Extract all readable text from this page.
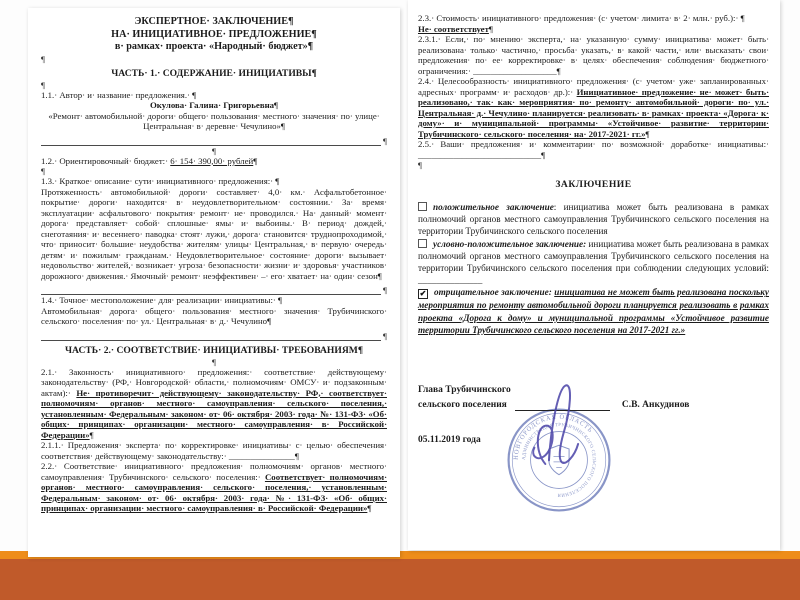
ЭКСПЕРТНОЕ· ЗАКЛЮЧЕНИЕ¶
НА· ИНИЦИАТИВНОЕ· ПРЕДЛОЖЕНИЕ¶
в· рамках· проекта· «Народный· бюджет»¶
¶
ЧАСТЬ· 1.· СОДЕРЖАНИЕ· ИНИЦИАТИВЫ¶
¶
1.1.· Автор· и· название· предложения.· ¶
Окулова· Галина· Григорьевна¶
«Ремонт· автомобильной· дороги· общего· пользования· местного· значения· по· улице· Центральная· в· деревне· Чечулино»¶
¶
¶
1.2.· Ориентировочный· бюджет:· 6· 154· 390,00· рублей¶
¶
1.3.· Краткое· описание· сути· инициативного· предложения:· ¶
Протяженность· автомобильной· дороги· составляет· 4,0· км.· Асфальтобетонное· покрытие· дороги· находится· в· неудовлетворительном· состоянии.· За· время· эксплуатации· асфальтового· покрытия· ремонт· не· проводился.· На· данный· момент· дорога· представляет· собой· сплошные· ямы· и· выбоины.· В· период· дождей,· снеготаяния· и· весеннего· паводка· стоят· лужи,· дорога· становится· труднопроходимой,· что· приносит· большие· неудобства· жителям· улицы· Центральная,· в· первую· очередь· детям· и· пожилым· гражданам.· Неудовлетворительное· состояние· дороги· вызывает· недовольство· жителей,· возникает· угроза· безопасности· жизни· и· здоровья· участников· дорожного· движения.· Ямочный· ремонт· неэффективен· –· его· хватает· на· один· сезон¶
¶
1.4.· Точное· местоположение· для· реализации· инициативы:· ¶
Автомобильная· дорога· общего· пользования· местного· значения· Трубичинского· сельского· поселения· по· ул.· Центральная· в· д.· Чечулино¶
¶
ЧАСТЬ· 2.· СООТВЕТСТВИЕ· ИНИЦИАТИВЫ· ТРЕБОВАНИЯМ¶
¶
2.1.· Законность· инициативного· предложения:· соответствие· действующему· законодательству· (РФ,· Новгородской· области,· полномочиям· ОМСУ· и· подзаконным· актам):· Не· противоречит· действующему· законодательству· РФ,· соответствует· полномочиям· органов· местного· самоуправления· сельского· поселения,· установленным· Федеральным· законом· от· 06· октября· 2003· года· №· 131-ФЗ· «Об· общих· принципах· организации· местного· самоуправления· в· Российской· Федерации»¶
2.1.1.· Предложения· эксперта· по· корректировке· инициативы· с· целью· обеспечения· соответствия· действующему· законодательству:· _______________¶
2.2.· Соответствие· инициативного· предложения· полномочиям· органов· местного· самоуправления· Трубичинского· сельского· поселения:· Соответствует· полномочиям· органов· местного· самоуправления· сельского· поселения,· установленным· Федеральным· законом· от· 06· октября· 2003· года· №· 131-ФЗ· «Об· общих· принципах· организации· местного· самоуправления· в· Российской· Федерации»¶
2.3.· Стоимость· инициативного· предложения· (с· учетом· лимита· в· 2· млн.· руб.):· ¶
Не· соответствует¶
2.3.1.· Если,· по· мнению· эксперта,· на· указанную· сумму· инициатива· может· быть· реализована· только· частично,· просьба· указать,· в· какой· части,· или· высказать· свои· предложения· по· ее· корректировке· в· целях· обеспечения· соблюдения· бюджетного· ограничения:· ___________________¶
2.4.· Целесообразность· инициативного· предложения· (с· учетом· уже· запланированных· адресных· программ· и· расходов· др.):· Инициативное· предложение· не· может· быть· реализовано,· так· как· мероприятия· по· ремонту· автомобильной· дороги· по· ул.· Центральная· д.· Чечулино· планируется· реализовать· в· рамках· проекта· «Дорога· к· дому»· и· муниципальной· программы· «Устойчивое· развитие· территории· Трубичинского· сельского· поселения· на· 2017-2021· гг.»¶
2.5.· Ваши· предложения· и· комментарии· по· возможной· доработке· инициативы:· ____________________________¶
¶
ЗАКЛЮЧЕНИЕ
положительное заключение: инициатива может быть реализована в рамках полномочий органов местного самоуправления Трубичинского сельского поселения на территории Трубичинского сельского поселения
условно-положительное заключение: инициатива может быть реализована в рамках полномочий органов местного самоуправления Трубичинского сельского поселения на территории Трубичинского сельского поселения при соблюдении следующих условий: ______________
✔ отрицательное заключение: инициатива не может быть реализована поскольку мероприятия по ремонту автомобильной дороги планируется реализовать в рамках проекта «Дорога к дому» и муниципальной программы «Устойчивое развитие территории Трубичинского сельского поселения на 2017-2021 гг.»
Глава Трубичинского
сельского поселения	С.В. Анкудинов
05.11.2019 года
НОВГОРОДСКАЯ ОБЛАСТЬ
АДМИНИСТРАЦИЯ ТРУБИЧИНСКОГО СЕЛЬСКОГО ПОСЕЛЕНИЯ
